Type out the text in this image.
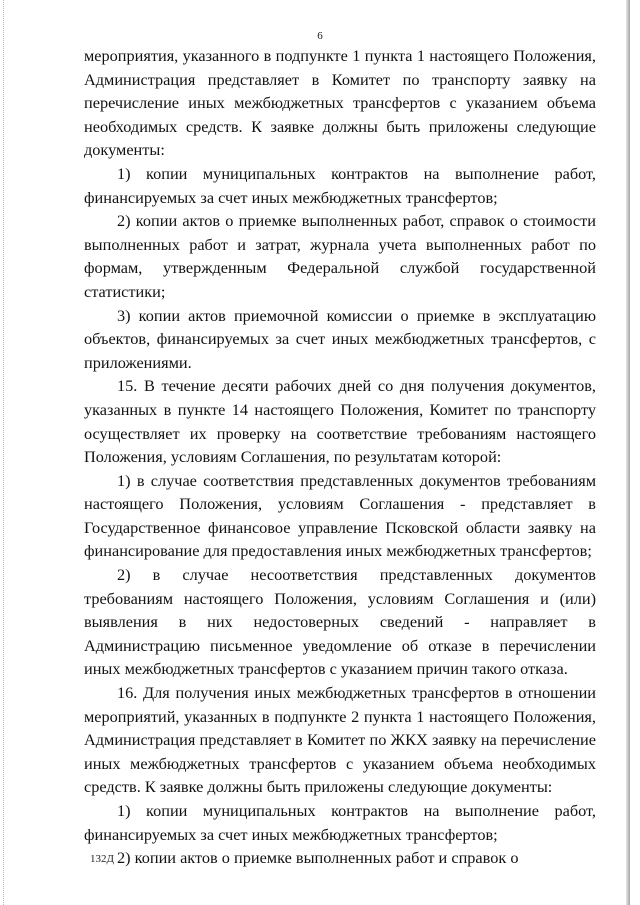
6

мероприятия, указанного в подпункте 1 пункта 1 настоящего Положения, Администрация представляет в Комитет по транспорту заявку на перечисление иных межбюджетных трансфертов с указанием объема необходимых средств. К заявке должны быть приложены следующие документы:

1) копии муниципальных контрактов на выполнение работ, финансируемых за счет иных межбюджетных трансфертов;

2) копии актов о приемке выполненных работ, справок о стоимости выполненных работ и затрат, журнала учета выполненных работ по формам, утвержденным Федеральной службой государственной статистики;

3) копии актов приемочной комиссии о приемке в эксплуатацию объектов, финансируемых за счет иных межбюджетных трансфертов, с приложениями.

15. В течение десяти рабочих дней со дня получения документов, указанных в пункте 14 настоящего Положения, Комитет по транспорту осуществляет их проверку на соответствие требованиям настоящего Положения, условиям Соглашения, по результатам которой:

1) в случае соответствия представленных документов требованиям настоящего Положения, условиям Соглашения - представляет в Государственное финансовое управление Псковской области заявку на финансирование для предоставления иных межбюджетных трансфертов;

2) в случае несоответствия представленных документов требованиям настоящего Положения, условиям Соглашения и (или) выявления в них недостоверных сведений - направляет в Администрацию письменное уведомление об отказе в перечислении иных межбюджетных трансфертов с указанием причин такого отказа.

16. Для получения иных межбюджетных трансфертов в отношении мероприятий, указанных в подпункте 2 пункта 1 настоящего Положения, Администрация представляет в Комитет по ЖКХ заявку на перечисление иных межбюджетных трансфертов с указанием объема необходимых средств. К заявке должны быть приложены следующие документы:

1) копии муниципальных контрактов на выполнение работ, финансируемых за счет иных межбюджетных трансфертов;

2) копии актов о приемке выполненных работ и справок о

132Д
